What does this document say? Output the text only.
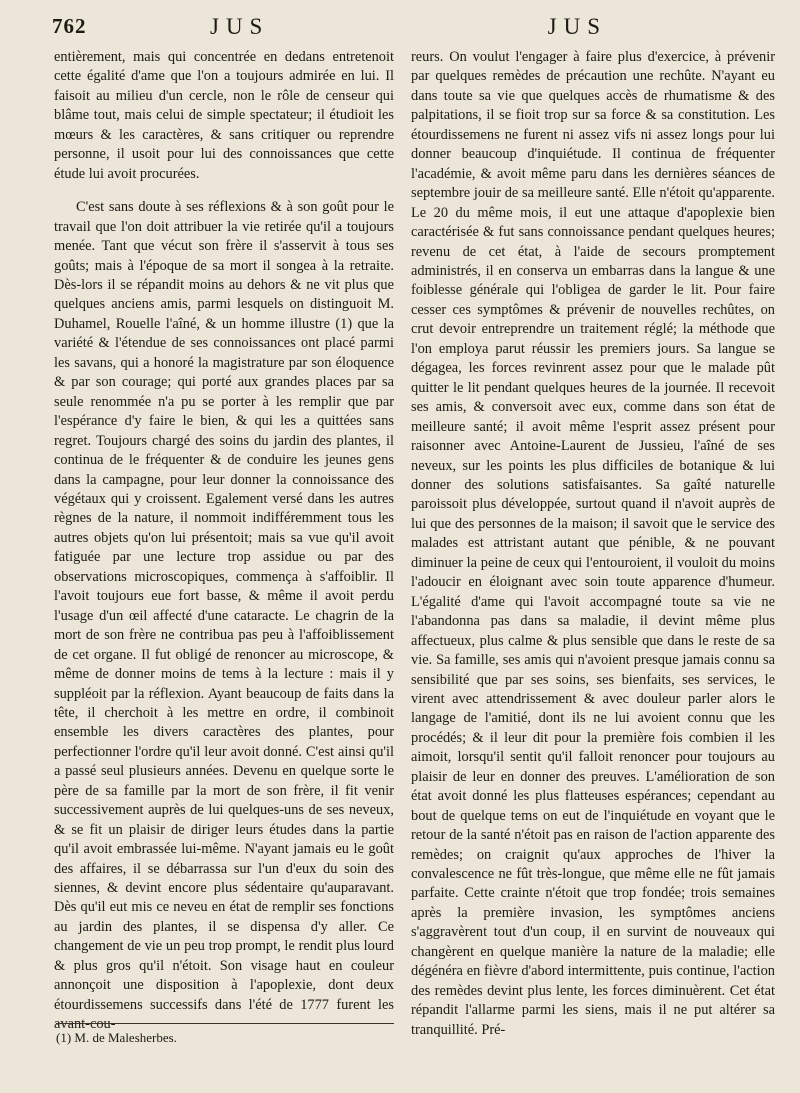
762	JUS	JUS

entièrement, mais qui concentrée en dedans entretenoit cette égalité d'ame que l'on a toujours admirée en lui. Il faisoit au milieu d'un cercle, non le rôle de censeur qui blâme tout, mais celui de simple spectateur; il étudioit les mœurs & les caractères, & sans critiquer ou reprendre personne, il usoit pour lui des connoissances que cette étude lui avoit procurées.

C'est sans doute à ses réflexions & à son goût pour le travail que l'on doit attribuer la vie retirée qu'il a toujours menée. Tant que vécut son frère il s'asservit à tous ses goûts; mais à l'époque de sa mort il songea à la retraite. Dès-lors il se répandit moins au dehors & ne vit plus que quelques anciens amis, parmi lesquels on distinguoit M. Duhamel, Rouelle l'aîné, & un homme illustre (1) que la variété & l'étendue de ses connoissances ont placé parmi les savans, qui a honoré la magistrature par son éloquence & par son courage; qui porté aux grandes places par sa seule renommée n'a pu se porter à les remplir que par l'espérance d'y faire le bien, & qui les a quittées sans regret. Toujours chargé des soins du jardin des plantes, il continua de le fréquenter & de conduire les jeunes gens dans la campagne, pour leur donner la connoissance des végétaux qui y croissent. Egalement versé dans les autres règnes de la nature, il nommoit indifféremment tous les autres objets qu'on lui présentoit; mais sa vue qu'il avoit fatiguée par une lecture trop assidue ou par des observations microscopiques, commença à s'affoiblir. Il l'avoit toujours eue fort basse, & même il avoit perdu l'usage d'un œil affecté d'une cataracte. Le chagrin de la mort de son frère ne contribua pas peu à l'affoiblissement de cet organe. Il fut obligé de renoncer au microscope, & même de donner moins de tems à la lecture : mais il y suppléoit par la réflexion. Ayant beaucoup de faits dans la tête, il cherchoit à les mettre en ordre, il combinoit ensemble les divers caractères des plantes, pour perfectionner l'ordre qu'il leur avoit donné. C'est ainsi qu'il a passé seul plusieurs années. Devenu en quelque sorte le père de sa famille par la mort de son frère, il fit venir successivement auprès de lui quelques-uns de ses neveux, & se fit un plaisir de diriger leurs études dans la partie qu'il avoit embrassée lui-même. N'ayant jamais eu le goût des affaires, il se débarrassa sur l'un d'eux du soin des siennes, & devint encore plus sédentaire qu'auparavant. Dès qu'il eut mis ce neveu en état de remplir ses fonctions au jardin des plantes, il se dispensa d'y aller. Ce changement de vie un peu trop prompt, le rendit plus lourd & plus gros qu'il n'étoit. Son visage haut en couleur annonçoit une disposition à l'apoplexie, dont deux étourdissemens successifs dans l'été de 1777 furent les avant-cou-

reurs. On voulut l'engager à faire plus d'exercice, à prévenir par quelques remèdes de précaution une rechûte. N'ayant eu dans toute sa vie que quelques accès de rhumatisme & des palpitations, il se fioit trop sur sa force & sa constitution. Les étourdissemens ne furent ni assez vifs ni assez longs pour lui donner beaucoup d'inquiétude. Il continua de fréquenter l'académie, & avoit même paru dans les dernières séances de septembre jouir de sa meilleure santé. Elle n'étoit qu'apparente. Le 20 du même mois, il eut une attaque d'apoplexie bien caractérisée & fut sans connoissance pendant quelques heures; revenu de cet état, à l'aide de secours promptement administrés, il en conserva un embarras dans la langue & une foiblesse générale qui l'obligea de garder le lit. Pour faire cesser ces symptômes & prévenir de nouvelles rechûtes, on crut devoir entreprendre un traitement réglé; la méthode que l'on employa parut réussir les premiers jours. Sa langue se dégagea, les forces revinrent assez pour que le malade pût quitter le lit pendant quelques heures de la journée. Il recevoit ses amis, & conversoit avec eux, comme dans son état de meilleure santé; il avoit même l'esprit assez présent pour raisonner avec Antoine-Laurent de Jussieu, l'aîné de ses neveux, sur les points les plus difficiles de botanique & lui donner des solutions satisfaisantes. Sa gaîté naturelle paroissoit plus développée, surtout quand il n'avoit auprès de lui que des personnes de la maison; il savoit que le service des malades est attristant autant que pénible, & ne pouvant diminuer la peine de ceux qui l'entouroient, il vouloit du moins l'adoucir en éloignant avec soin toute apparence d'humeur. L'égalité d'ame qui l'avoit accompagné toute sa vie ne l'abandonna pas dans sa maladie, il devint même plus affectueux, plus calme & plus sensible que dans le reste de sa vie. Sa famille, ses amis qui n'avoient presque jamais connu sa sensibilité que par ses soins, ses bienfaits, ses services, le virent avec attendrissement & avec douleur parler alors le langage de l'amitié, dont ils ne lui avoient connu que les procédés; & il leur dit pour la première fois combien il les aimoit, lorsqu'il sentit qu'il falloit renoncer pour toujours au plaisir de leur en donner des preuves. L'amélioration de son état avoit donné les plus flatteuses espérances; cependant au bout de quelque tems on eut de l'inquiétude en voyant que le retour de la santé n'étoit pas en raison de l'action apparente des remèdes; on craignit qu'aux approches de l'hiver la convalescence ne fût très-longue, que même elle ne fût jamais parfaite. Cette crainte n'étoit que trop fondée; trois semaines après la première invasion, les symptômes anciens s'aggravèrent tout d'un coup, il en survint de nouveaux qui changèrent en quelque manière la nature de la maladie; elle dégénéra en fièvre d'abord intermittente, puis continue, l'action des remèdes devint plus lente, les forces diminuèrent. Cet état répandit l'allarme parmi les siens, mais il ne put altérer sa tranquillité. Pré-

(1) M. de Malesherbes.
